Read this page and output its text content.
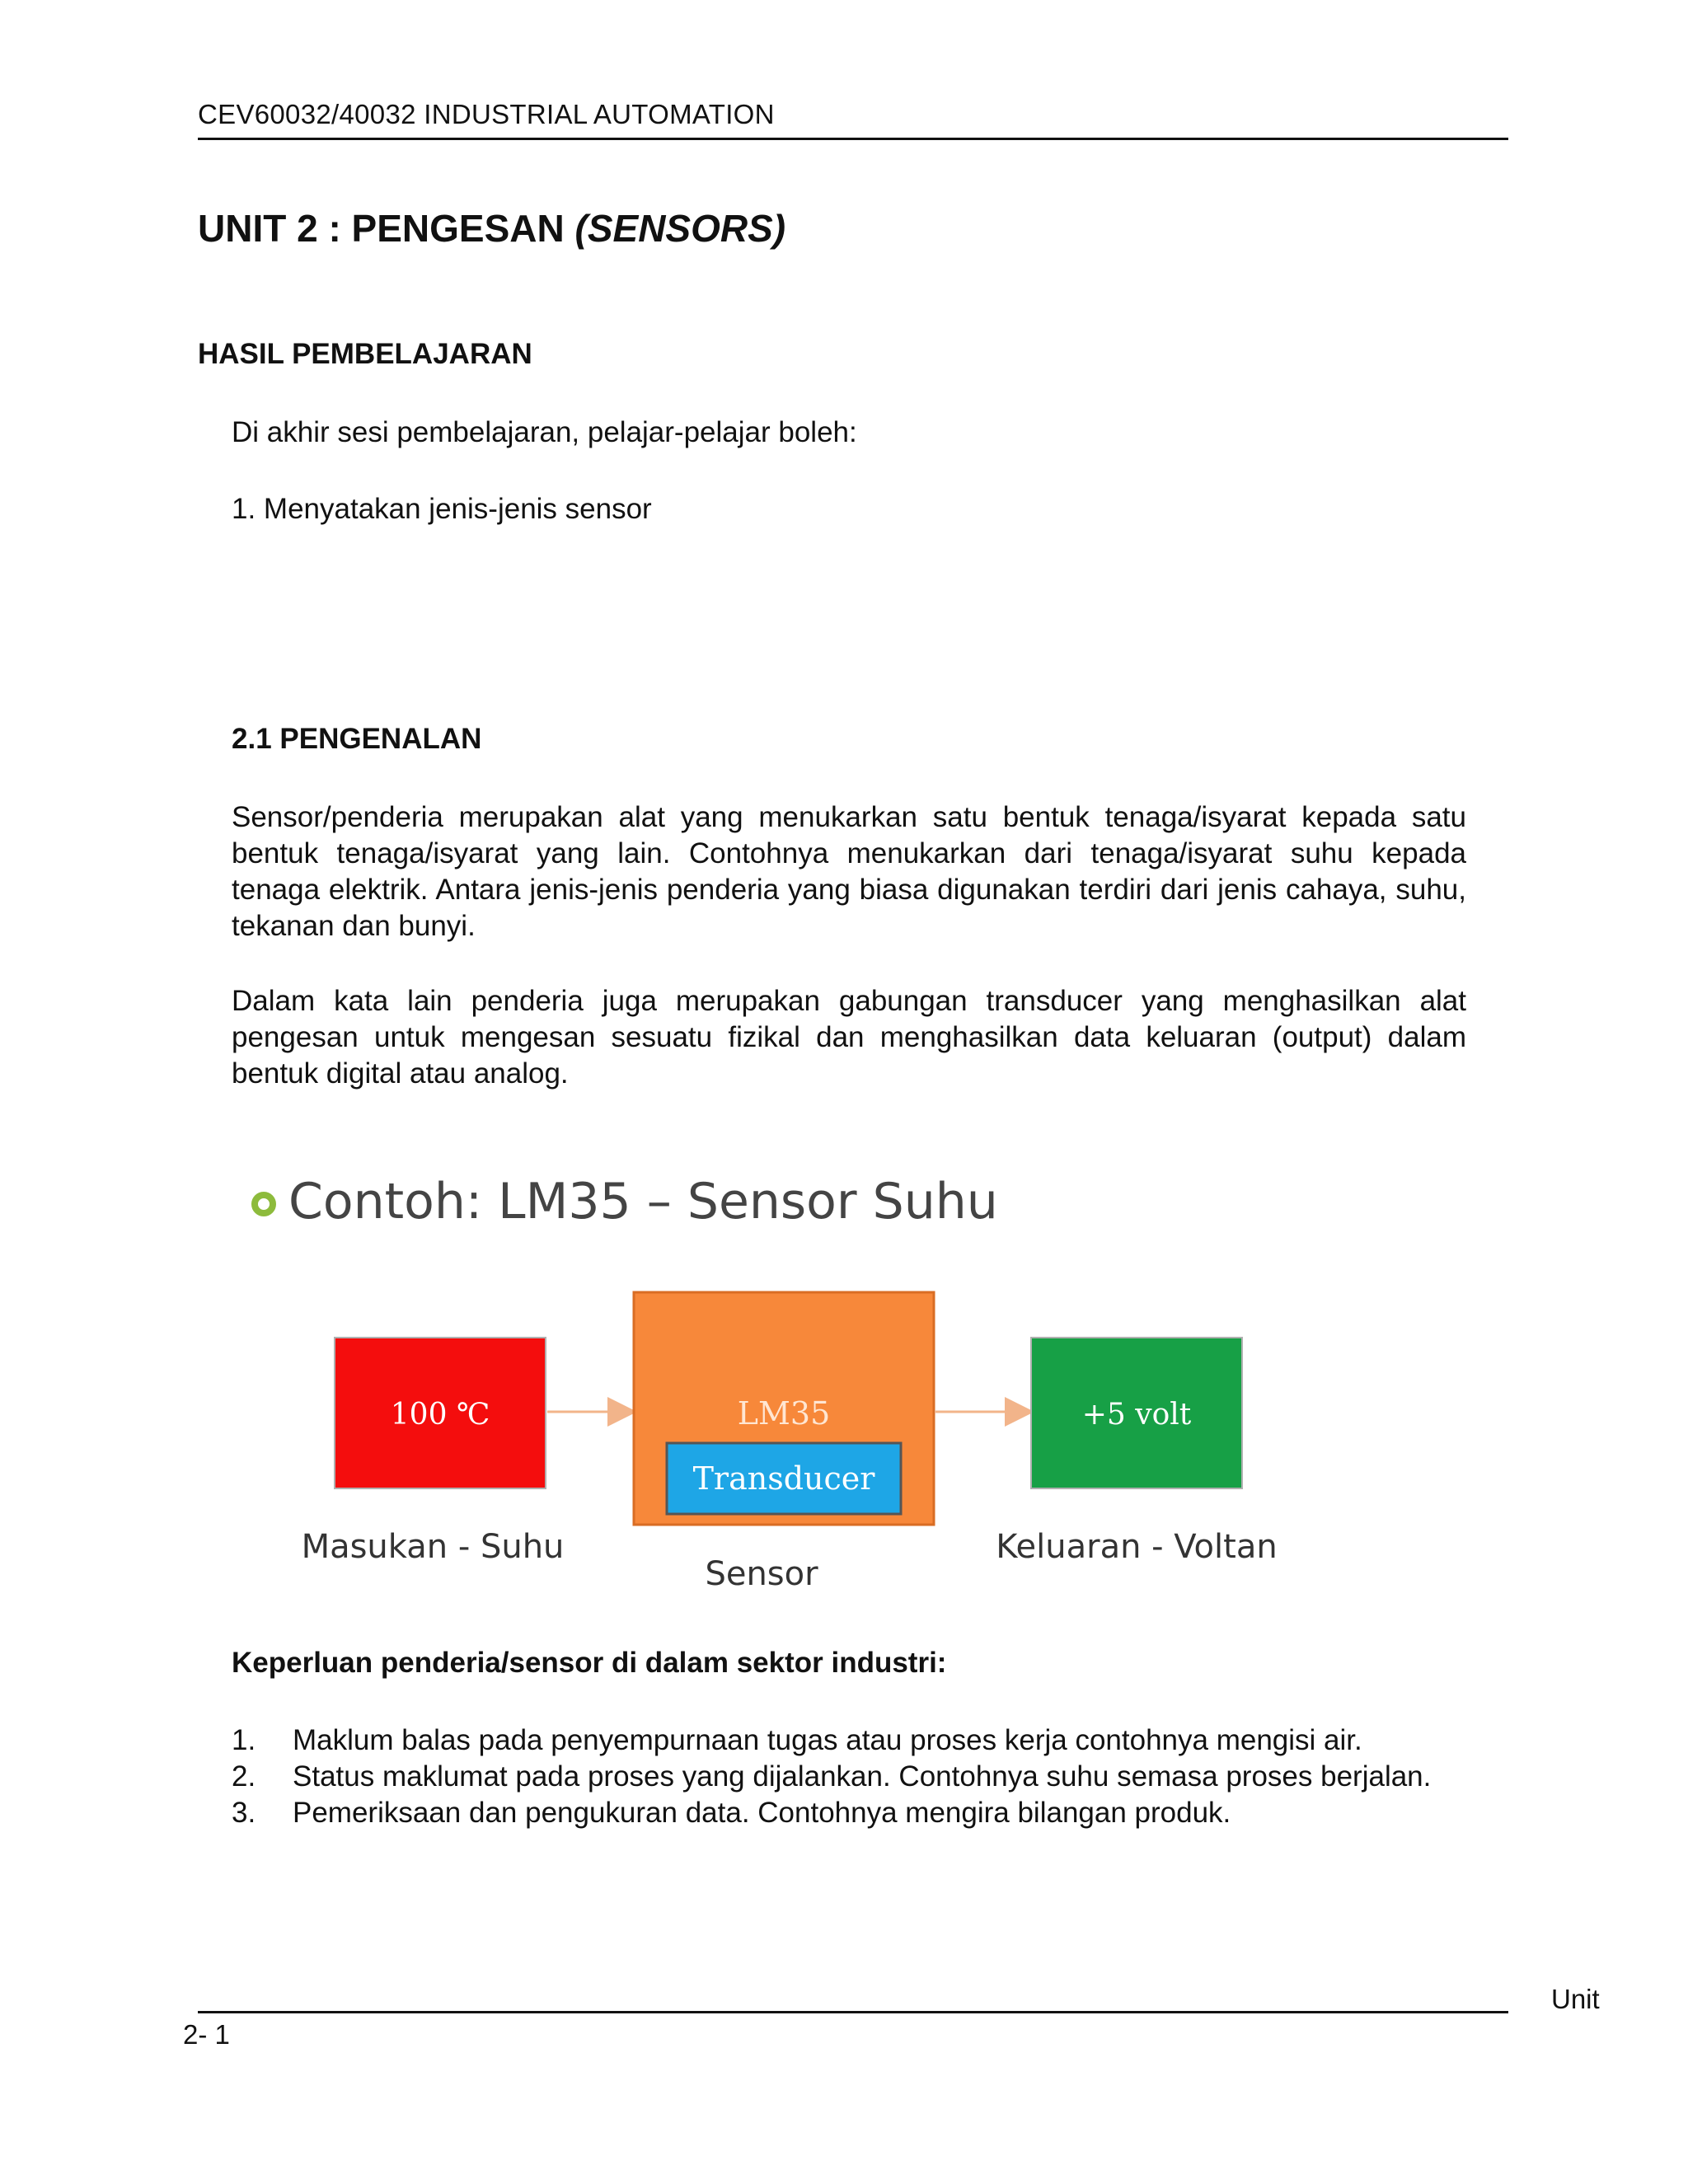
CEV60032/40032 INDUSTRIAL AUTOMATION
UNIT 2 : PENGESAN (SENSORS)
HASIL PEMBELAJARAN
Di akhir sesi pembelajaran, pelajar-pelajar boleh:
1. Menyatakan jenis-jenis sensor
2.1 PENGENALAN
Sensor/penderia merupakan alat yang menukarkan satu bentuk tenaga/isyarat kepada satu bentuk tenaga/isyarat yang lain. Contohnya menukarkan dari tenaga/isyarat suhu kepada tenaga elektrik. Antara jenis-jenis penderia yang biasa digunakan terdiri dari jenis cahaya, suhu, tekanan dan bunyi.
Dalam kata lain penderia juga merupakan gabungan transducer yang menghasilkan alat pengesan untuk mengesan sesuatu fizikal dan menghasilkan data keluaran (output) dalam bentuk digital atau analog.
Contoh: LM35 – Sensor Suhu
100 ℃	LM35
Transducer
+5 volt
Masukan - Suhu
Sensor
Keluaran - Voltan
Keperluan penderia/sensor di dalam sektor industri:
1.	Maklum balas pada penyempurnaan tugas atau proses kerja contohnya mengisi air.
2.	Status maklumat pada proses yang dijalankan. Contohnya suhu semasa proses berjalan.
3.	Pemeriksaan dan pengukuran data. Contohnya mengira bilangan produk.
Unit
2- 1
